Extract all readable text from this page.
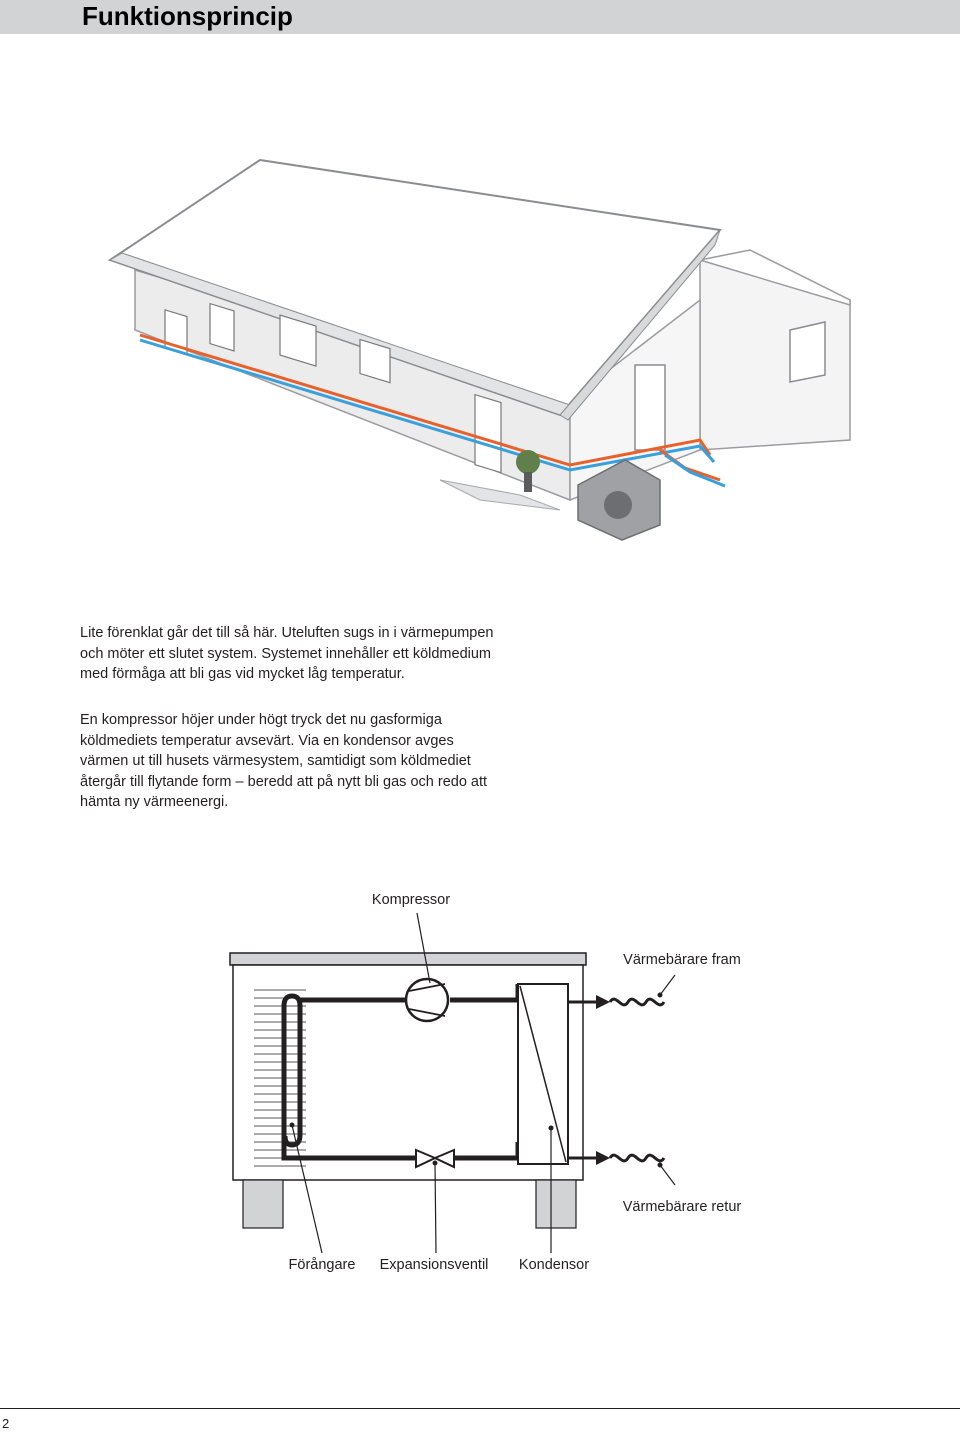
Funktionsprincip

Lite förenklat går det till så här. Uteluften sugs in i värmepumpen och möter ett slutet system. Systemet innehåller ett köldmedium med förmåga att bli gas vid mycket låg temperatur.

En kompressor höjer under högt tryck det nu gasformiga köldmediets temperatur avsevärt. Via en kondensor avges värmen ut till husets värmesystem, samtidigt som köldmediet återgår till flytande form – beredd att på nytt bli gas och redo att hämta ny värmeenergi.

Kompressor
Värmebärare fram
Värmebärare retur
Förångare Expansionsventil Kondensor
2
